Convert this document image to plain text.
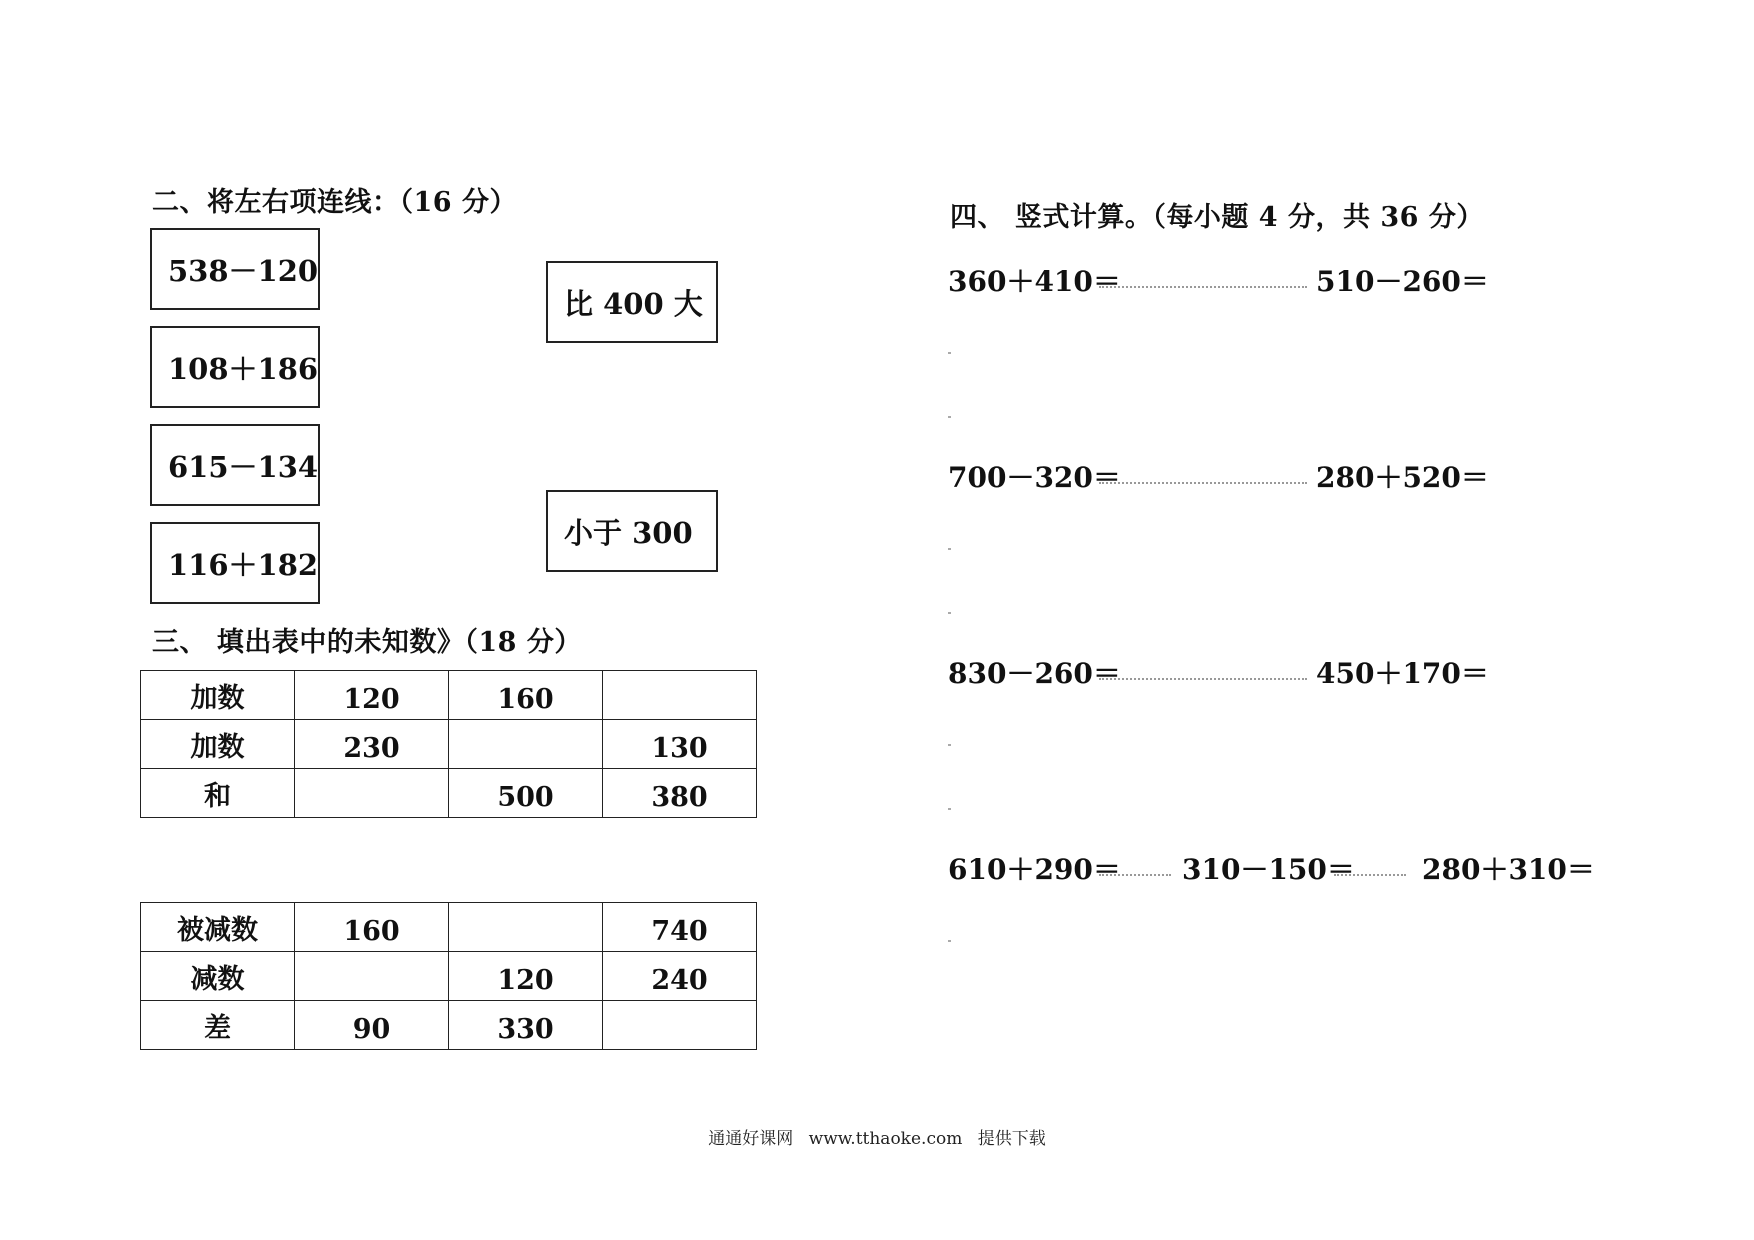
二、将左右项连线：（16 分）
538－120
108＋186
615－134
116＋182
比 400 大
小于 300
三、 填出表中的未知数》（18 分）
加数	120	160	
加数	230		130
和		500	380
被减数	160		740
减数		120	240
差	90	330	
四、 竖式计算。（每小题 4 分，共 36 分）
360＋410＝	510－260＝
700－320＝	280＋520＝
830－260＝	450＋170＝
610＋290＝ 310－150＝ 280＋310＝
通通好课网 www.tthaoke.com 提供下载
